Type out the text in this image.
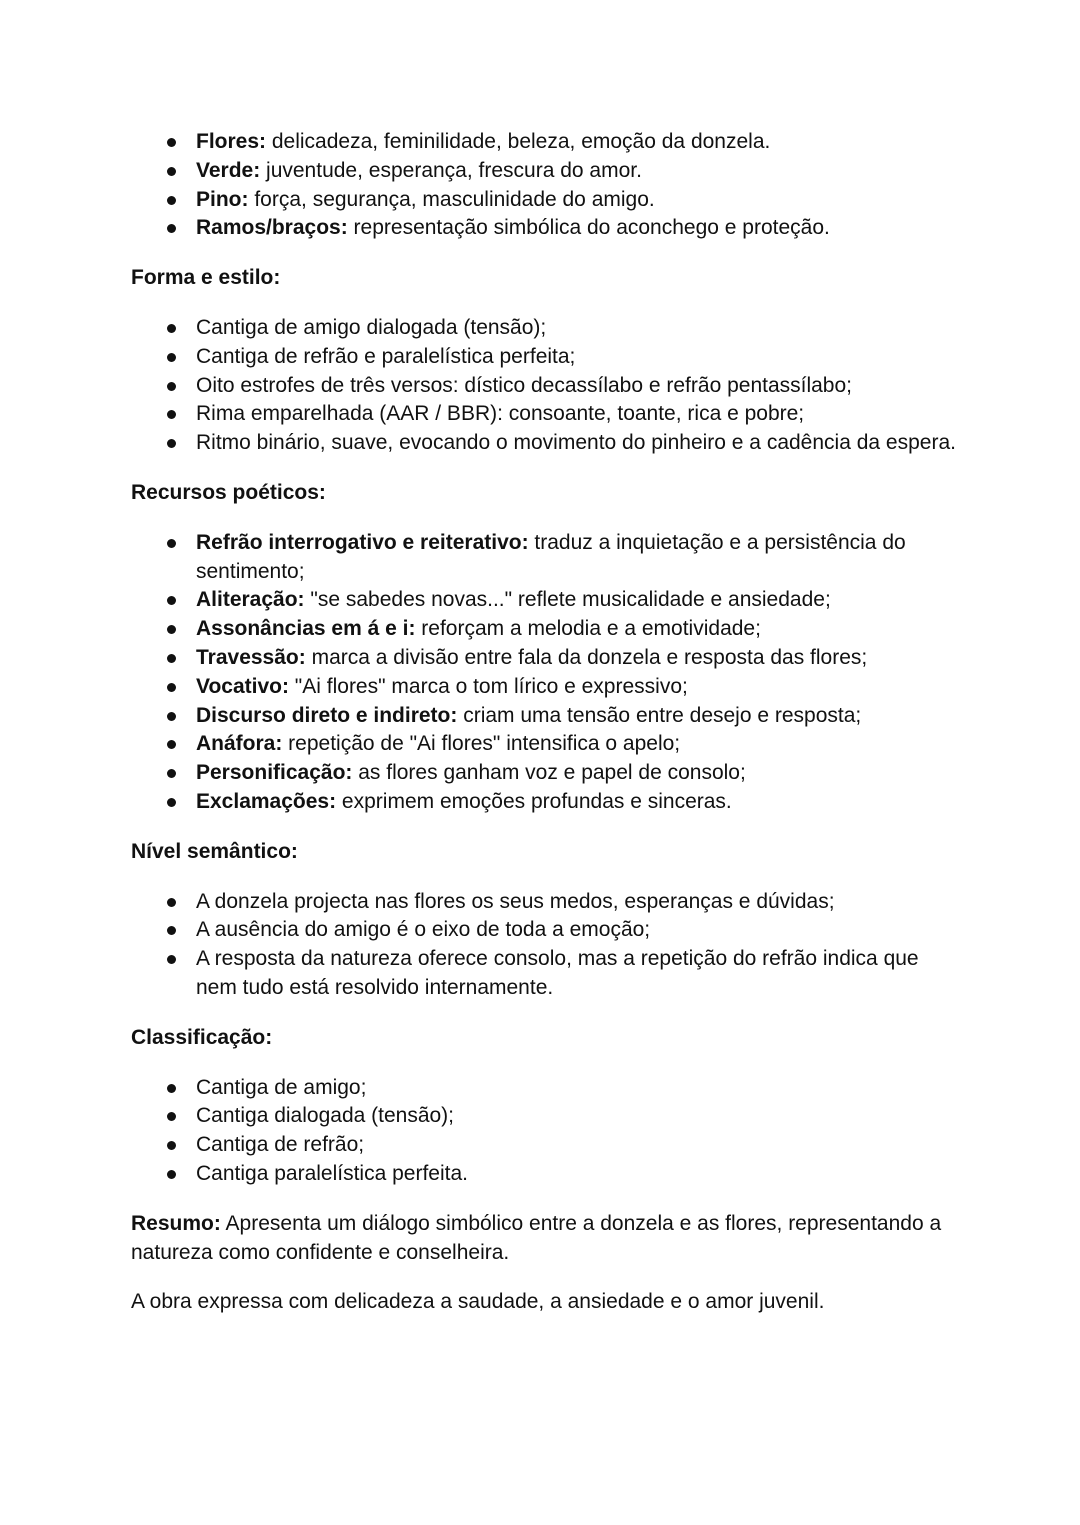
Flores: delicadeza, feminilidade, beleza, emoção da donzela.
Verde: juventude, esperança, frescura do amor.
Pino: força, segurança, masculinidade do amigo.
Ramos/braços: representação simbólica do aconchego e proteção.

Forma e estilo:

Cantiga de amigo dialogada (tensão);
Cantiga de refrão e paralelística perfeita;
Oito estrofes de três versos: dístico decassílabo e refrão pentassílabo;
Rima emparelhada (AAR / BBR): consoante, toante, rica e pobre;
Ritmo binário, suave, evocando o movimento do pinheiro e a cadência da espera.

Recursos poéticos:

Refrão interrogativo e reiterativo: traduz a inquietação e a persistência do sentimento;
Aliteração: "se sabedes novas..." reflete musicalidade e ansiedade;
Assonâncias em á e i: reforçam a melodia e a emotividade;
Travessão: marca a divisão entre fala da donzela e resposta das flores;
Vocativo: "Ai flores" marca o tom lírico e expressivo;
Discurso direto e indireto: criam uma tensão entre desejo e resposta;
Anáfora: repetição de "Ai flores" intensifica o apelo;
Personificação: as flores ganham voz e papel de consolo;
Exclamações: exprimem emoções profundas e sinceras.

Nível semântico:

A donzela projecta nas flores os seus medos, esperanças e dúvidas;
A ausência do amigo é o eixo de toda a emoção;
A resposta da natureza oferece consolo, mas a repetição do refrão indica que nem tudo está resolvido internamente.

Classificação:

Cantiga de amigo;
Cantiga dialogada (tensão);
Cantiga de refrão;
Cantiga paralelística perfeita.

Resumo: Apresenta um diálogo simbólico entre a donzela e as flores, representando a natureza como confidente e conselheira.

A obra expressa com delicadeza a saudade, a ansiedade e o amor juvenil.
